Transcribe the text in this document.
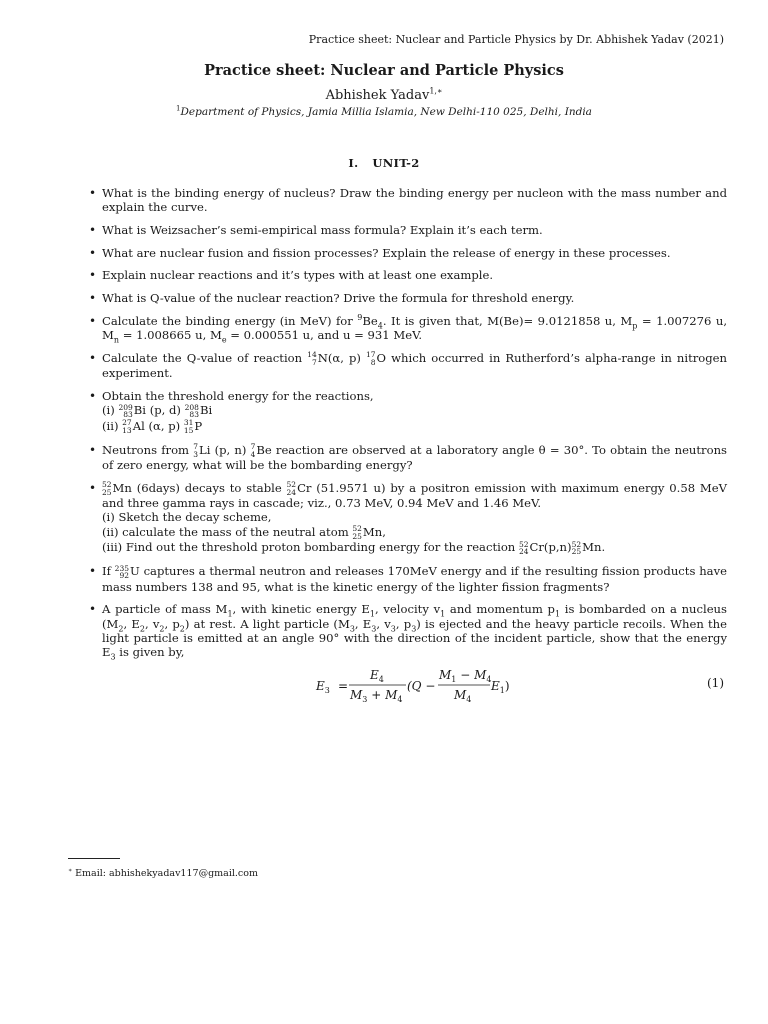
Practice sheet: Nuclear and Particle Physics by Dr. Abhishek Yadav (2021)
Practice sheet: Nuclear and Particle Physics
Abhishek Yadav$^{1,∗}$
$^1$Department of Physics, Jamia Millia Islamia, New Delhi-110 025, Delhi, India
I. UNIT-2
• What is the binding energy of nucleus? Draw the binding energy per nucleon with the mass number and explain the curve.
• What is Weizsacher’s semi-empirical mass formula? Explain it’s each term.
• What are nuclear fusion and fission processes? Explain the release of energy in these processes.
• Explain nuclear reactions and it’s types with at least one example.
• What is Q-value of the nuclear reaction? Drive the formula for threshold energy.
• Calculate the binding energy (in MeV) for $^9Be_4$. It is given that, M(Be)= 9.0121858 u, $M_p = 1.007276$ u, $M_n = 1.008665$ u, $M_e = 0.000551$ u, and u = 931 MeV.
• Calculate the Q-value of reaction 14
7 N(α, p) 17
8 O which occurred in Rutherford’s alpha-range in nitrogen experiment.
• Obtain the threshold energy for the reactions,
(i) 209
83 Bi (p, d) 208
83 Bi
(ii) 27
13 Al (α, p) 31
15 P
• Neutrons from 7
3 Li (p, n) 7
4 Be reaction are observed at a laboratory angle θ = 30°. To obtain the neutrons of zero energy, what will be the bombarding energy?
• 52
25 Mn (6days) decays to stable 52
24 Cr (51.9571 u) by a positron emission with maximum energy 0.58 MeV and three gamma rays in cascade; viz., 0.73 MeV, 0.94 MeV and 1.46 MeV.
(i) Sketch the decay scheme,
(ii) calculate the mass of the neutral atom 52
25 Mn,
(iii) Find out the threshold proton bombarding energy for the reaction 52
24 Cr(p,n) 52
25 Mn.
• If 235
92 U captures a thermal neutron and releases 170MeV energy and if the resulting fission products have mass numbers 138 and 95, what is the kinetic energy of the lighter fission fragments?
• A particle of mass $M_1$, with kinetic energy $E_1$, velocity $v_1$ and momentum $p_1$ is bombarded on a nucleus ($M_2$, $E_2$, $v_2$, $p_2$) at rest. A light particle ($M_3$, $E_3$, $v_3$, $p_3$) is ejected and the heavy particle recoils. When the light particle is emitted at an angle 90° with the direction of the incident particle, show that the energy $E_3$ is given by,
$E_3$ =
$E_4$
$M_3 + M_4$
(Q −
$M_1 - M_4$
$M_4$
$E_1$)	(1)
∗ Email: abhishekyadav117@gmail.com
